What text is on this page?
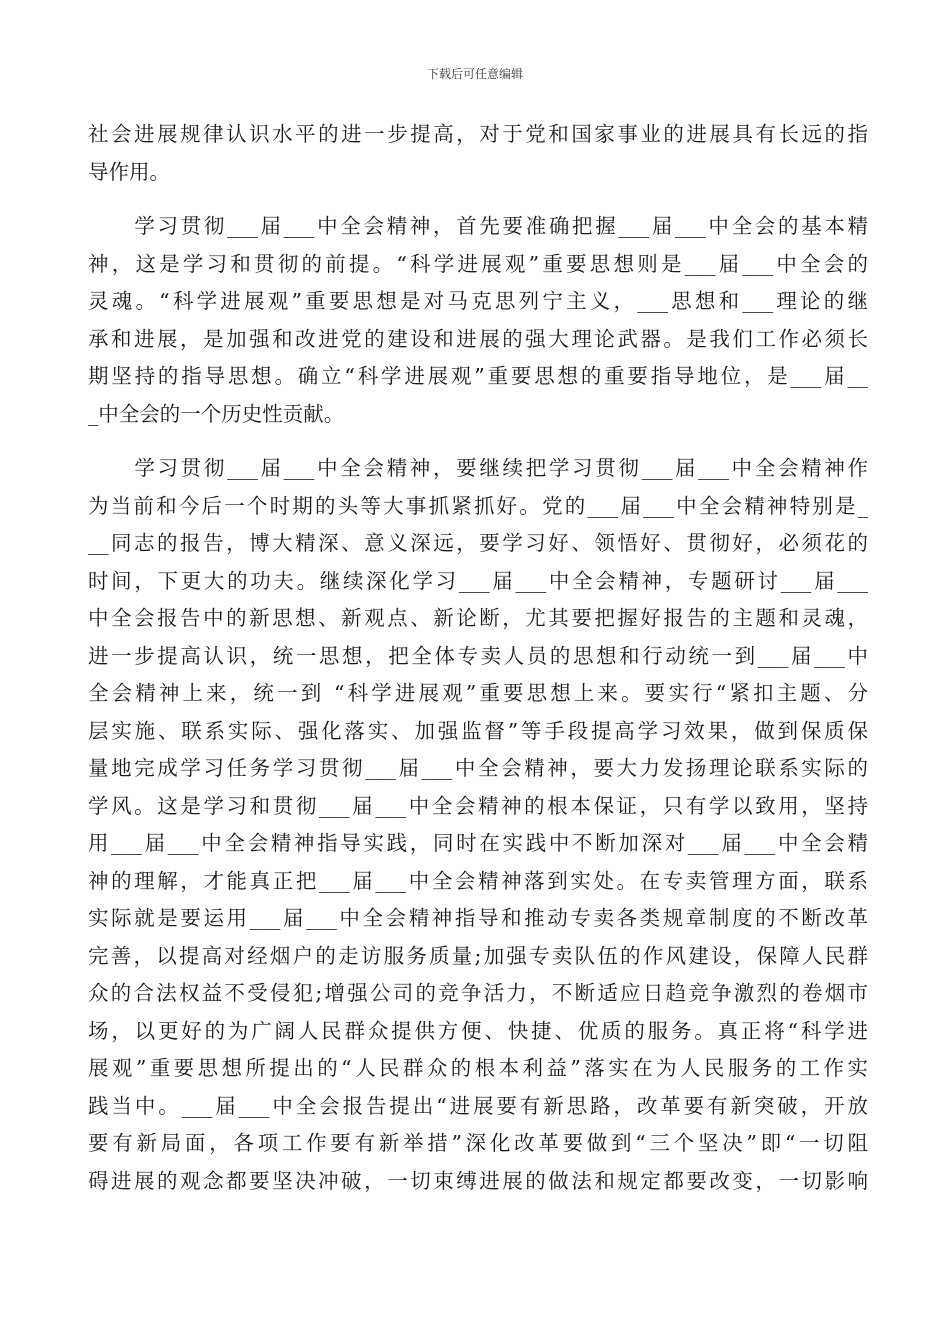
下载后可任意编辑
社会进展规律认识水平的进一步提高，对于党和国家事业的进展具有长远的指
导作用。
　　学习贯彻___届___中全会精神，首先要准确把握___届___中全会的基本精
神，这是学习和贯彻的前提。“科学进展观”重要思想则是___届___中全会的
灵魂。“科学进展观”重要思想是对马克思列宁主义，___思想和___理论的继
承和进展，是加强和改进党的建设和进展的强大理论武器。是我们工作必须长
期坚持的指导思想。确立“科学进展观”重要思想的重要指导地位，是___届__
_中全会的一个历史性贡献。
　　学习贯彻___届___中全会精神，要继续把学习贯彻___届___中全会精神作
为当前和今后一个时期的头等大事抓紧抓好。党的___届___中全会精神特别是_
__同志的报告，博大精深、意义深远，要学习好、领悟好、贯彻好，必须花的
时间，下更大的功夫。继续深化学习___届___中全会精神，专题研讨___届___
中全会报告中的新思想、新观点、新论断，尤其要把握好报告的主题和灵魂，
进一步提高认识，统一思想，把全体专卖人员的思想和行动统一到___届___中
全会精神上来，统一到 “科学进展观”重要思想上来。要实行“紧扣主题、分
层实施、联系实际、强化落实、加强监督”等手段提高学习效果，做到保质保
量地完成学习任务学习贯彻___届___中全会精神，要大力发扬理论联系实际的
学风。这是学习和贯彻___届___中全会精神的根本保证，只有学以致用，坚持
用___届___中全会精神指导实践，同时在实践中不断加深对___届___中全会精
神的理解，才能真正把___届___中全会精神落到实处。在专卖管理方面，联系
实际就是要运用___届___中全会精神指导和推动专卖各类规章制度的不断改革
完善，以提高对经烟户的走访服务质量;加强专卖队伍的作风建设，保障人民群
众的合法权益不受侵犯;增强公司的竞争活力，不断适应日趋竞争激烈的卷烟市
场，以更好的为广阔人民群众提供方便、快捷、优质的服务。真正将“科学进
展观”重要思想所提出的“人民群众的根本利益”落实在为人民服务的工作实
践当中。___届___中全会报告提出“进展要有新思路，改革要有新突破，开放
要有新局面，各项工作要有新举措”深化改革要做到“三个坚决”即“一切阻
碍进展的观念都要坚决冲破，一切束缚进展的做法和规定都要改变，一切影响
